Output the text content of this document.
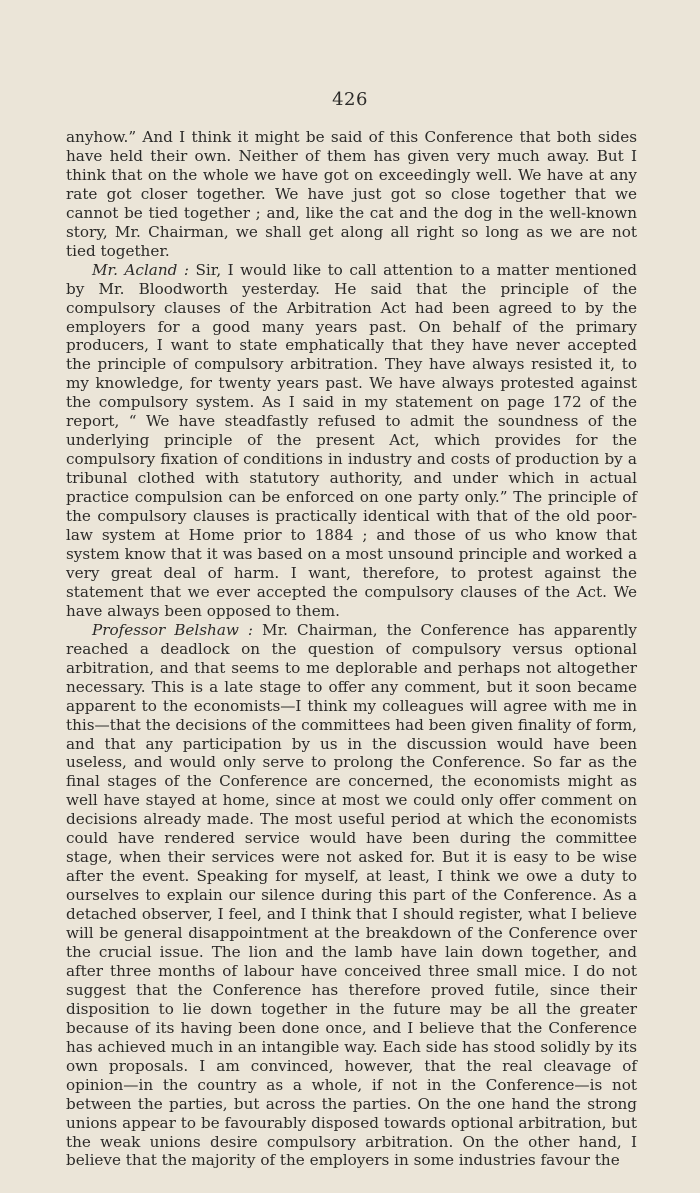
426

anyhow.” And I think it might be said of this Conference that both sides have held their own. Neither of them has given very much away. But I think that on the whole we have got on exceedingly well. We have at any rate got closer together. We have just got so close together that we cannot be tied together ; and, like the cat and the dog in the well-known story, Mr. Chairman, we shall get along all right so long as we are not tied together.

Mr. Acland : Sir, I would like to call attention to a matter mentioned by Mr. Bloodworth yesterday. He said that the principle of the compulsory clauses of the Arbitration Act had been agreed to by the employers for a good many years past. On behalf of the primary producers, I want to state emphatically that they have never accepted the principle of compulsory arbitration. They have always resisted it, to my knowledge, for twenty years past. We have always protested against the compulsory system. As I said in my statement on page 172 of the report, “ We have steadfastly refused to admit the soundness of the underlying principle of the present Act, which provides for the compulsory fixation of conditions in industry and costs of production by a tribunal clothed with statutory authority, and under which in actual practice compulsion can be enforced on one party only.” The principle of the compulsory clauses is practically identical with that of the old poor-law system at Home prior to 1884 ; and those of us who know that system know that it was based on a most unsound principle and worked a very great deal of harm. I want, therefore, to protest against the statement that we ever accepted the compulsory clauses of the Act. We have always been opposed to them.

Professor Belshaw : Mr. Chairman, the Conference has apparently reached a deadlock on the question of compulsory versus optional arbitration, and that seems to me deplorable and perhaps not altogether necessary. This is a late stage to offer any comment, but it soon became apparent to the economists—I think my colleagues will agree with me in this—that the decisions of the committees had been given finality of form, and that any participation by us in the discussion would have been useless, and would only serve to prolong the Conference. So far as the final stages of the Conference are concerned, the economists might as well have stayed at home, since at most we could only offer comment on decisions already made. The most useful period at which the economists could have rendered service would have been during the committee stage, when their services were not asked for. But it is easy to be wise after the event. Speaking for myself, at least, I think we owe a duty to ourselves to explain our silence during this part of the Conference. As a detached observer, I feel, and I think that I should register, what I believe will be general disappointment at the breakdown of the Conference over the crucial issue. The lion and the lamb have lain down together, and after three months of labour have conceived three small mice. I do not suggest that the Conference has therefore proved futile, since their disposition to lie down together in the future may be all the greater because of its having been done once, and I believe that the Conference has achieved much in an intangible way. Each side has stood solidly by its own proposals. I am convinced, however, that the real cleavage of opinion—in the country as a whole, if not in the Conference—is not between the parties, but across the parties. On the one hand the strong unions appear to be favourably disposed towards optional arbitration, but the weak unions desire compulsory arbitration. On the other hand, I believe that the majority of the employers in some industries favour the
